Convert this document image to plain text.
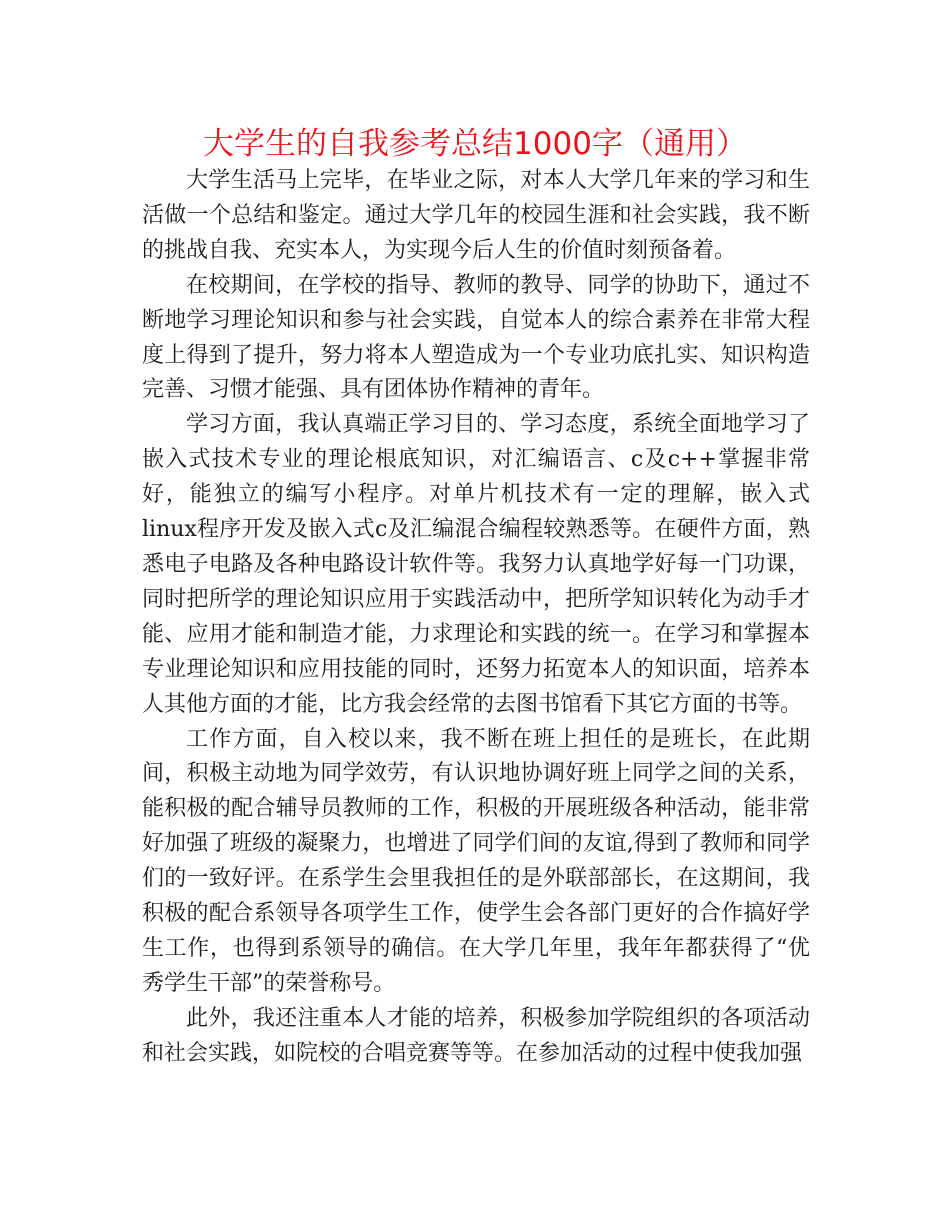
大学生的自我参考总结1000字（通用）

大学生活马上完毕，在毕业之际，对本人大学几年来的学习和生活做一个总结和鉴定。通过大学几年的校园生涯和社会实践，我不断的挑战自我、充实本人，为实现今后人生的价值时刻预备着。

在校期间，在学校的指导、教师的教导、同学的协助下，通过不断地学习理论知识和参与社会实践，自觉本人的综合素养在非常大程度上得到了提升，努力将本人塑造成为一个专业功底扎实、知识构造完善、习惯才能强、具有团体协作精神的青年。

学习方面，我认真端正学习目的、学习态度，系统全面地学习了嵌入式技术专业的理论根底知识，对汇编语言、c及c++掌握非常好，能独立的编写小程序。对单片机技术有一定的理解，嵌入式linux程序开发及嵌入式c及汇编混合编程较熟悉等。在硬件方面，熟悉电子电路及各种电路设计软件等。我努力认真地学好每一门功课，同时把所学的理论知识应用于实践活动中，把所学知识转化为动手才能、应用才能和制造才能，力求理论和实践的统一。在学习和掌握本专业理论知识和应用技能的同时，还努力拓宽本人的知识面，培养本人其他方面的才能，比方我会经常的去图书馆看下其它方面的书等。

工作方面，自入校以来，我不断在班上担任的是班长，在此期间，积极主动地为同学效劳，有认识地协调好班上同学之间的关系，能积极的配合辅导员教师的工作，积极的开展班级各种活动，能非常好加强了班级的凝聚力，也增进了同学们间的友谊,得到了教师和同学们的一致好评。在系学生会里我担任的是外联部部长，在这期间，我积极的配合系领导各项学生工作，使学生会各部门更好的合作搞好学生工作，也得到系领导的确信。在大学几年里，我年年都获得了“优秀学生干部”的荣誉称号。

此外，我还注重本人才能的培养，积极参加学院组织的各项活动和社会实践，如院校的合唱竞赛等等。在参加活动的过程中使我加强
